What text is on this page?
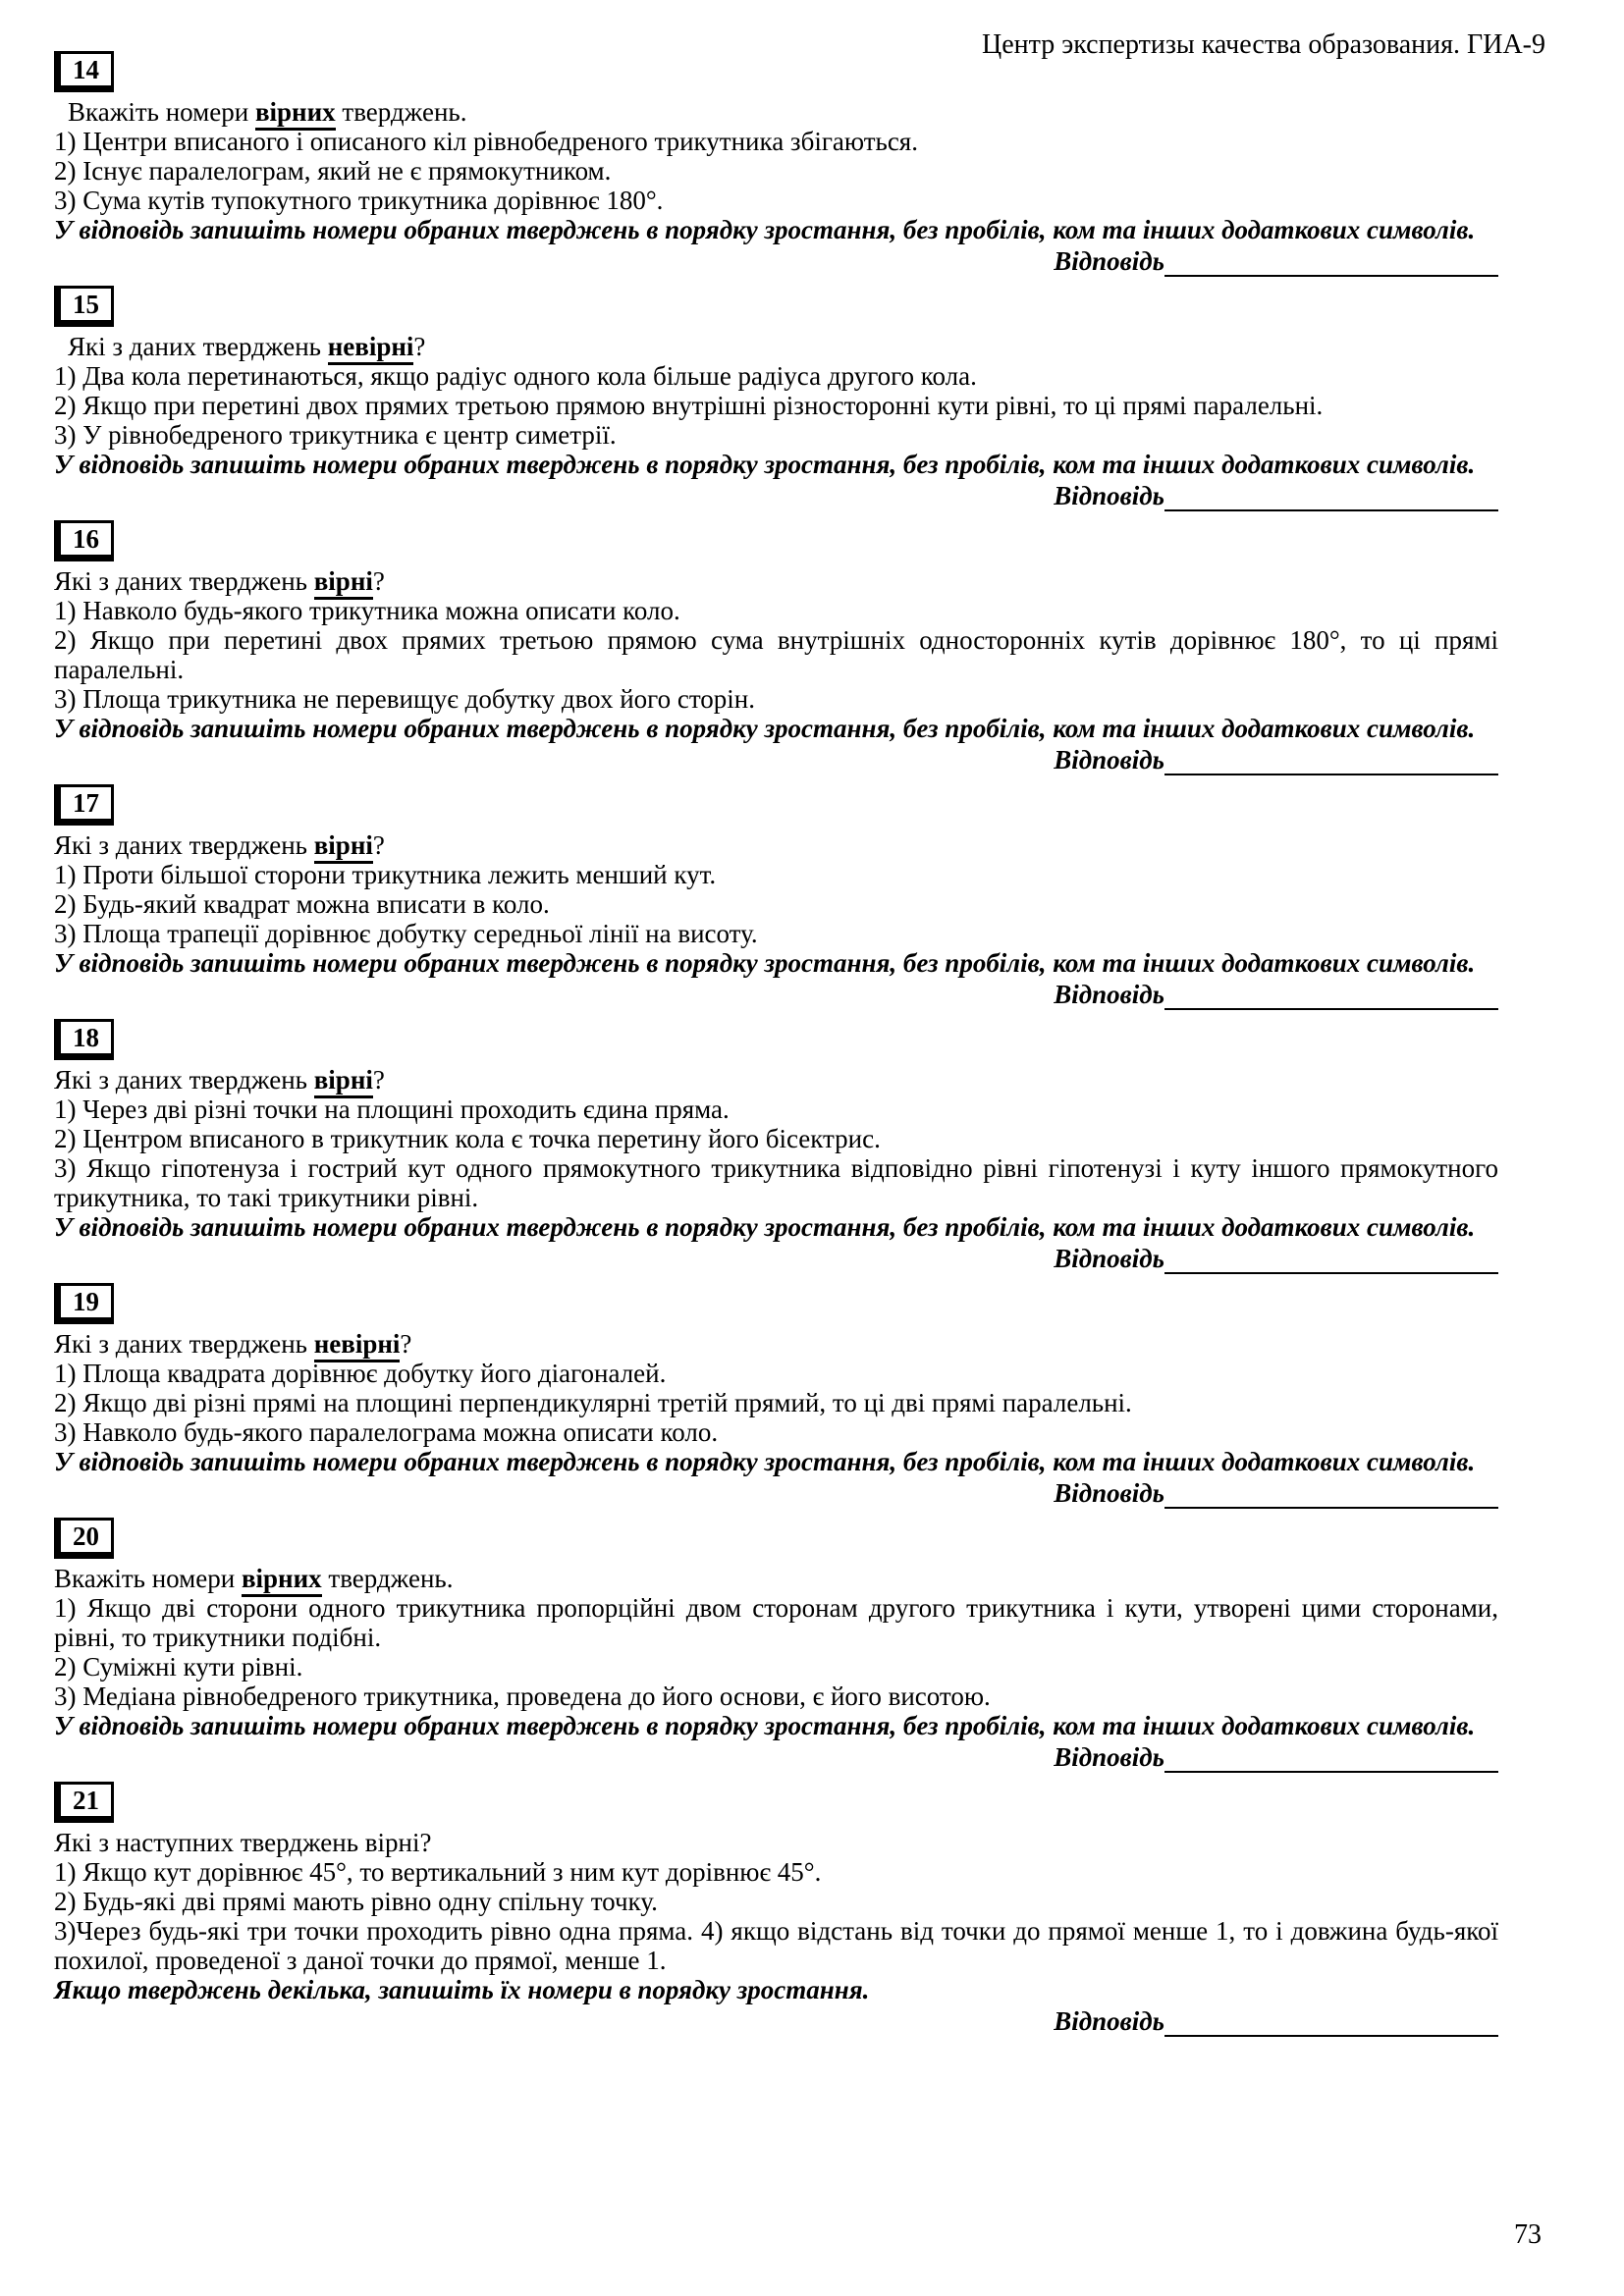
Центр экспертизы качества образования. ГИА-9
14

Вкажіть номери вірних тверджень.

1) Центри вписаного і описаного кіл рівнобедреного трикутника збігаються.

2) Існує паралелограм, який не є прямокутником.

3) Сума кутів тупокутного трикутника дорівнює 180°.

У відповідь запишіть номери обраних тверджень в порядку зростання, без пробілів, ком та інших додаткових символів.

Відповідь
15

Які з даних тверджень невірні?

1) Два кола перетинаються, якщо радіус одного кола більше радіуса другого кола.

2) Якщо при перетині двох прямих третьою прямою внутрішні різносторонні кути рівні, то ці прямі паралельні.

3) У рівнобедреного трикутника є центр симетрії.

У відповідь запишіть номери обраних тверджень в порядку зростання, без пробілів, ком та інших додаткових символів.

Відповідь
16

Які з даних тверджень вірні?

1) Навколо будь-якого трикутника можна описати коло.

2) Якщо при перетині двох прямих третьою прямою сума внутрішніх односторонніх кутів дорівнює 180°, то ці прямі паралельні.

3) Площа трикутника не перевищує добутку двох його сторін.

У відповідь запишіть номери обраних тверджень в порядку зростання, без пробілів, ком та інших додаткових символів.

Відповідь
17

Які з даних тверджень вірні?

1) Проти більшої сторони трикутника лежить менший кут.

2) Будь-який квадрат можна вписати в коло.

3) Площа трапеції дорівнює добутку середньої лінії на висоту.

У відповідь запишіть номери обраних тверджень в порядку зростання, без пробілів, ком та інших додаткових символів.

Відповідь
18

Які з даних тверджень вірні?

1) Через дві різні точки на площині проходить єдина пряма.

2) Центром вписаного в трикутник кола є точка перетину його бісектрис.

3) Якщо гіпотенуза і гострий кут одного прямокутного трикутника відповідно рівні гіпотенузі і куту іншого прямокутного трикутника, то такі трикутники рівні.

У відповідь запишіть номери обраних тверджень в порядку зростання, без пробілів, ком та інших додаткових символів.

Відповідь
19

Які з даних тверджень невірні?

1) Площа квадрата дорівнює добутку його діагоналей.

2) Якщо дві різні прямі на площині перпендикулярні третій прямий, то ці дві прямі паралельні.

3) Навколо будь-якого паралелограма можна описати коло.

У відповідь запишіть номери обраних тверджень в порядку зростання, без пробілів, ком та інших додаткових символів.

Відповідь
20

Вкажіть номери вірних тверджень.

1) Якщо дві сторони одного трикутника пропорційні двом сторонам другого трикутника і кути, утворені цими сторонами, рівні, то трикутники подібні.

2) Суміжні кути рівні.

3) Медіана рівнобедреного трикутника, проведена до його основи, є його висотою.

У відповідь запишіть номери обраних тверджень в порядку зростання, без пробілів, ком та інших додаткових символів.

Відповідь
21

Які з наступних тверджень вірні?

1) Якщо кут дорівнює 45°, то вертикальний з ним кут дорівнює 45°.

2) Будь-які дві прямі мають рівно одну спільну точку.

3)Через будь-які три точки проходить рівно одна пряма. 4) якщо відстань від точки до прямої менше 1, то і довжина будь-якої похилої, проведеної з даної точки до прямої, менше 1.

Якщо тверджень декілька, запишіть їх номери в порядку зростання.

Відповідь
73
